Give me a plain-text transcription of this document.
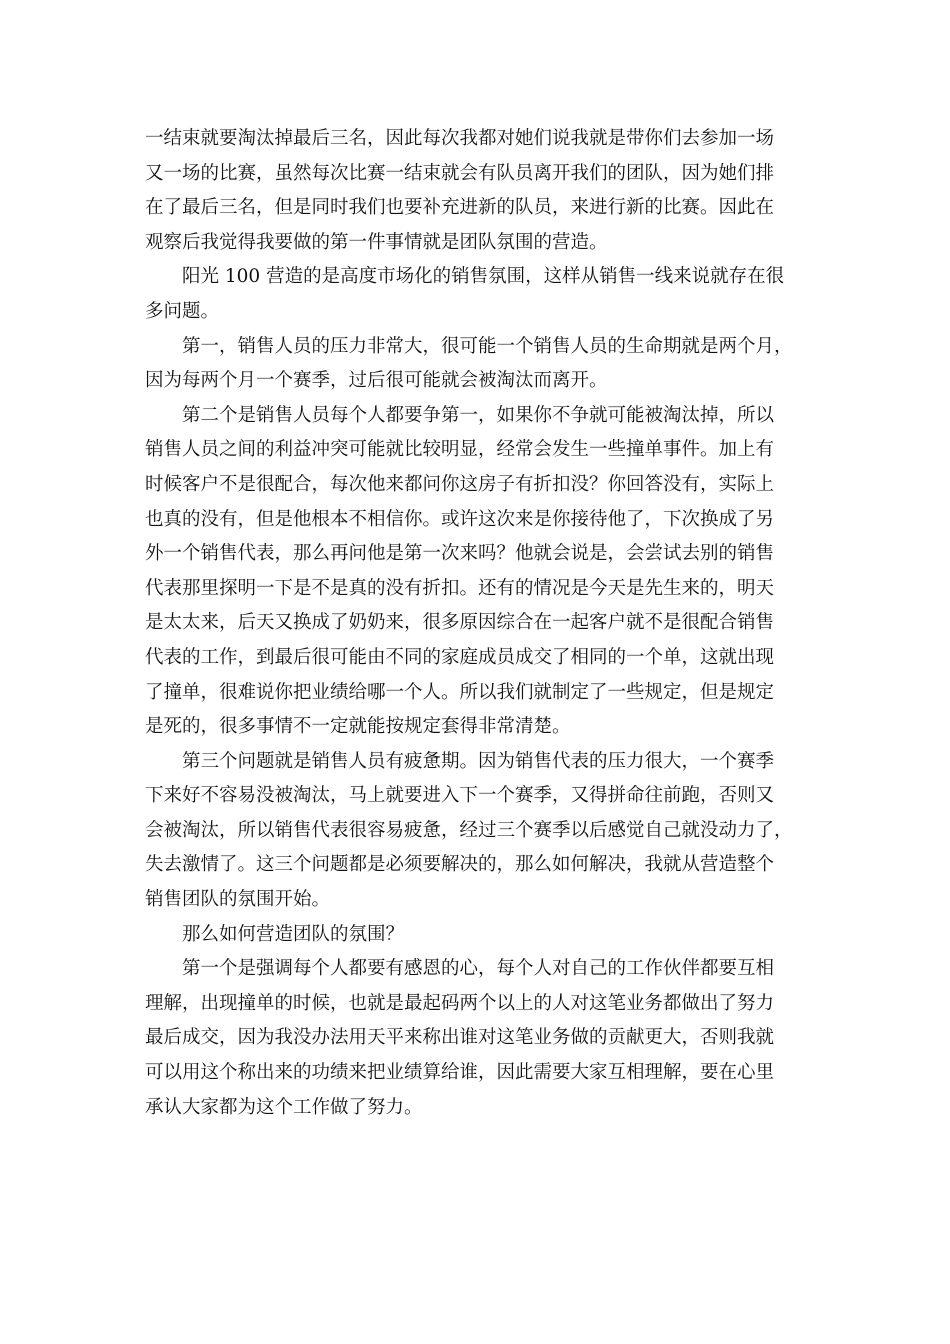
一结束就要淘汰掉最后三名，因此每次我都对她们说我就是带你们去参加一场
又一场的比赛，虽然每次比赛一结束就会有队员离开我们的团队，因为她们排
在了最后三名，但是同时我们也要补充进新的队员，来进行新的比赛。因此在
观察后我觉得我要做的第一件事情就是团队氛围的营造。
阳光 100 营造的是高度市场化的销售氛围，这样从销售一线来说就存在很
多问题。
第一，销售人员的压力非常大，很可能一个销售人员的生命期就是两个月，
因为每两个月一个赛季，过后很可能就会被淘汰而离开。
第二个是销售人员每个人都要争第一，如果你不争就可能被淘汰掉，所以
销售人员之间的利益冲突可能就比较明显，经常会发生一些撞单事件。加上有
时候客户不是很配合，每次他来都问你这房子有折扣没？你回答没有，实际上
也真的没有，但是他根本不相信你。或许这次来是你接待他了，下次换成了另
外一个销售代表，那么再问他是第一次来吗？他就会说是，会尝试去别的销售
代表那里探明一下是不是真的没有折扣。还有的情况是今天是先生来的，明天
是太太来，后天又换成了奶奶来，很多原因综合在一起客户就不是很配合销售
代表的工作，到最后很可能由不同的家庭成员成交了相同的一个单，这就出现
了撞单，很难说你把业绩给哪一个人。所以我们就制定了一些规定，但是规定
是死的，很多事情不一定就能按规定套得非常清楚。
第三个问题就是销售人员有疲惫期。因为销售代表的压力很大，一个赛季
下来好不容易没被淘汰，马上就要进入下一个赛季，又得拼命往前跑，否则又
会被淘汰，所以销售代表很容易疲惫，经过三个赛季以后感觉自己就没动力了，
失去激情了。这三个问题都是必须要解决的，那么如何解决，我就从营造整个
销售团队的氛围开始。
那么如何营造团队的氛围？
第一个是强调每个人都要有感恩的心，每个人对自己的工作伙伴都要互相
理解，出现撞单的时候，也就是最起码两个以上的人对这笔业务都做出了努力
最后成交，因为我没办法用天平来称出谁对这笔业务做的贡献更大，否则我就
可以用这个称出来的功绩来把业绩算给谁，因此需要大家互相理解，要在心里
承认大家都为这个工作做了努力。
